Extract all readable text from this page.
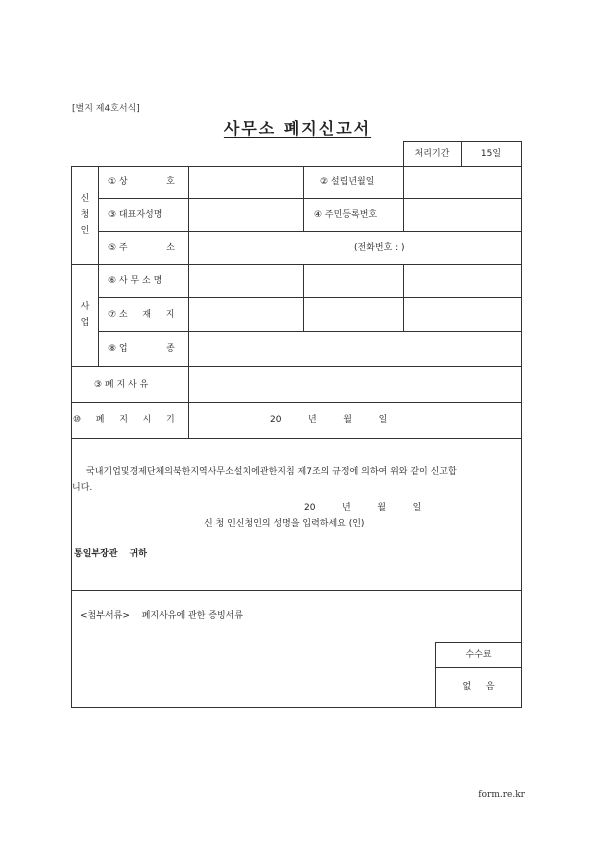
[별지 제4호서식]
사무소 폐지신고서
처리기간	15일
신
청
인
① 상 　 　 　 호	② 설립년월일
③ 대표자성명	④ 주민등록번호
⑤ 주 　 　 　 소	(전화번호 : )
사
업
⑥ 사 무 소 명
⑦ 소 　 재 　 지
⑧ 업 　 　 　 종
③ 폐 지 사 유
⑩ 　 폐 　 지 　 시 　 기	20 　 　 년 　 　 월 　 　 일
국내기업및경제단체의북한지역사무소설치에관한지침 제7조의 규정에 의하여 위와 같이 신고합
니다.
20 　 　 년 　 　 월 　 　 일
신 청 인신청인의 성명을 입력하세요 (인)
통일부장관 　귀하
<첨부서류> 　폐지사유에 관한 증빙서류
수수료
없 　 음
form.re.kr
